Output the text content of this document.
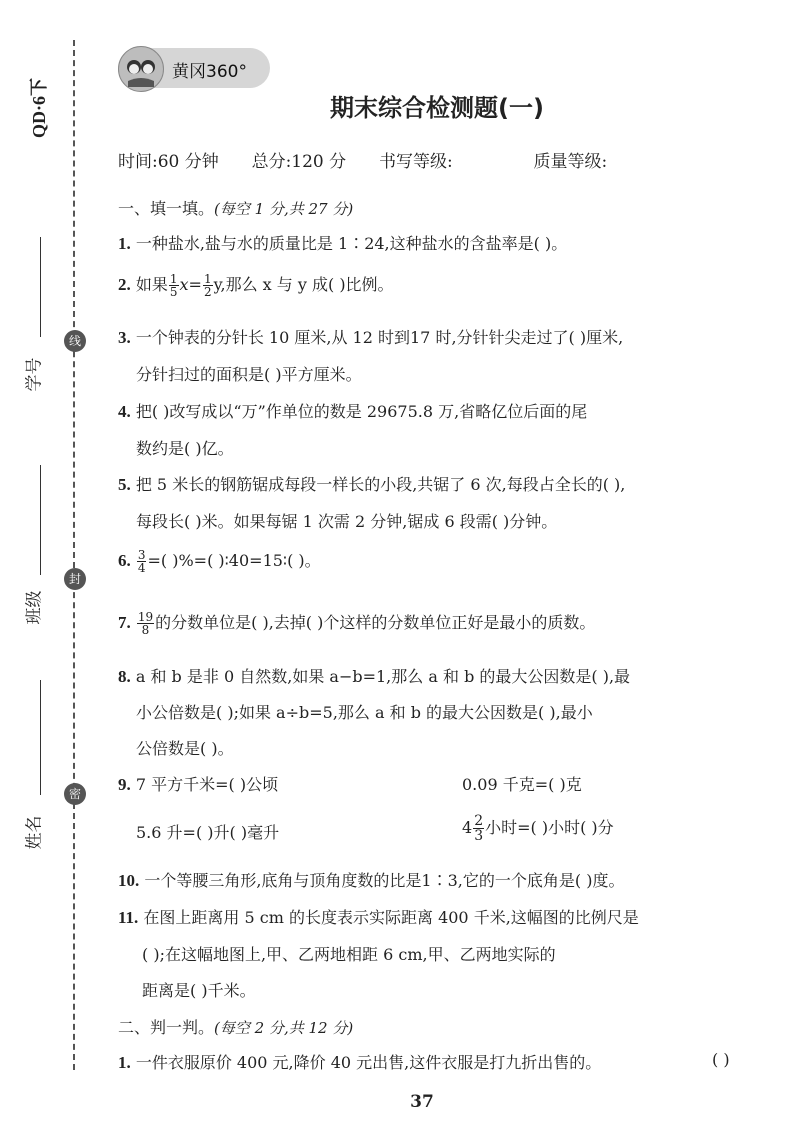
QD·6下
学号
班级
姓名
线
封
密
黄冈360°
期末综合检测题(一)
时间:60 分钟 总分:120 分 书写等级:	质量等级:
一、填一填。(每空 1 分,共 27 分)
1. 一种盐水,盐与水的质量比是 1∶24,这种盐水的含盐率是( )。
2. 如果 $\frac{1}{5} x= \frac{1}{2} y$,那么 x 与 y 成( )比例。
3. 一个钟表的分针长 10 厘米,从 12 时到17 时,分针针尖走过了( )厘米,
分针扫过的面积是( )平方厘米。
4. 把( )改写成以“万”作单位的数是 29675.8 万,省略亿位后面的尾
数约是( )亿。
5. 把 5 米长的钢筋锯成每段一样长的小段,共锯了 6 次,每段占全长的( ),
每段长( )米。如果每锯 1 次需 2 分钟,锯成 6 段需( )分钟。
6. $\frac{3}{4}$ =( )%=( )∶40=15∶( )。
7. $\frac{19}{8}$ 的分数单位是( ),去掉( )个这样的分数单位正好是最小的质数。
8. a 和 b 是非 0 自然数,如果 a−b=1,那么 a 和 b 的最大公因数是( ),最
小公倍数是( );如果 a÷b=5,那么 a 和 b 的最大公因数是( ),最小
公倍数是( )。
9. 7 平方千米=( )公顷	0.09 千克=( )克
5.6 升=( )升( )毫升	$4 \frac{2}{3}$ 小时=( )小时( )分
10. 一个等腰三角形,底角与顶角度数的比是1∶3,它的一个底角是( )度。
11. 在图上距离用 5 cm 的长度表示实际距离 400 千米,这幅图的比例尺是
( );在这幅地图上,甲、乙两地相距 6 cm,甲、乙两地实际的
距离是( )千米。
二、判一判。(每空 2 分,共 12 分)
1. 一件衣服原价 400 元,降价 40 元出售,这件衣服是打九折出售的。	( )
37
